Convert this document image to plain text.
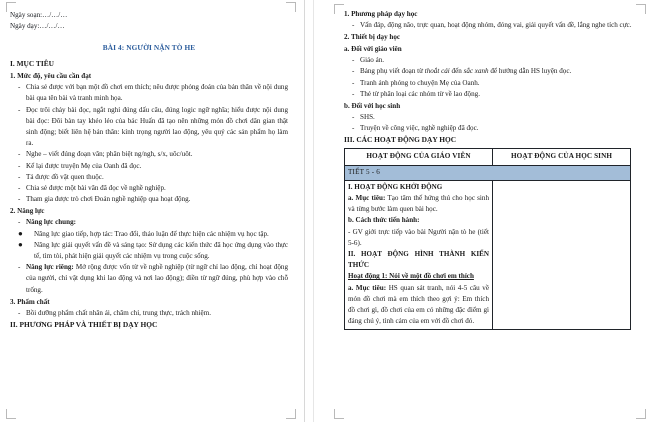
Ngày soạn:…/…/…

Ngày dạy:…/…/…

BÀI 4: NGƯỜI NẶN TÒ HE

I. MỤC TIÊU

1. Mức độ, yêu cầu cần đạt

- Chia sẻ được với bạn một đồ chơi em thích; nêu được phỏng đoán của bản thân về nội dung bài qua tên bài và tranh minh họa.

- Đọc trôi chảy bài đọc, ngắt nghỉ đúng dấu câu, đúng logic ngữ nghĩa; hiểu được nội dung bài đọc: Đôi bàn tay khéo léo của bác Huấn đã tạo nên những món đồ chơi dân gian thật sinh động; biết liên hệ bản thân: kính trọng người lao động, yêu quý các sản phẩm họ làm ra.

- Nghe – viết đúng đoạn văn; phân biệt ng/ngh, s/x, uôc/uôt.

- Kể lại được truyện Mẹ của Oanh đã đọc.

- Tả được đồ vật quen thuộc.

- Chia sẻ được một bài văn đã đọc về nghề nghiệp.

- Tham gia được trò chơi Đoán nghề nghiệp qua hoạt động.

2. Năng lực

- Năng lực chung:

● Năng lực giao tiếp, hợp tác: Trao đổi, thảo luận để thực hiện các nhiệm vụ học tập.

● Năng lực giải quyết vấn đề và sáng tạo: Sử dụng các kiến thức đã học ứng dụng vào thực tế, tìm tòi, phát hiện giải quyết các nhiệm vụ trong cuộc sống.

- Năng lực riêng: Mở rộng được vốn từ về nghề nghiệp (từ ngữ chỉ lao động, chỉ hoạt động của người, chỉ vật dụng khi lao động và nơi lao động); điền từ ngữ đúng, phù hợp vào chỗ trống.

3. Phẩm chất

- Bồi dưỡng phẩm chất nhân ái, chăm chỉ, trung thực, trách nhiệm.

II. PHƯƠNG PHÁP VÀ THIẾT BỊ DẠY HỌC

1. Phương pháp dạy học

- Vấn đáp, động não, trực quan, hoạt động nhóm, đóng vai, giải quyết vấn đề, lắng nghe tích cực.

2. Thiết bị dạy học

a. Đối với giáo viên

- Giáo án.

- Bảng phụ viết đoạn từ thoắt cái đến sắc xanh để hướng dẫn HS luyện đọc.

- Tranh ảnh phóng to chuyện Mẹ của Oanh.

- Thẻ từ phân loại các nhóm từ về lao động.

b. Đối với học sinh

- SHS.

- Truyện về công việc, nghề nghiệp đã đọc.

III. CÁC HOẠT ĐỘNG DẠY HỌC

HOẠT ĐỘNG CỦA GIÁO VIÊN	HOẠT ĐỘNG CỦA HỌC SINH
TIẾT 5 - 6	

I. HOẠT ĐỘNG KHỞI ĐỘNG

a. Mục tiêu: Tạo tâm thế hứng thú cho học sinh và từng bước làm quen bài học.

b. Cách thức tiến hành:

- GV giới trực tiếp vào bài Người nặn tò he (tiết 5-6).

II. HOẠT ĐỘNG HÌNH THÀNH KIẾN THỨC

Hoạt động 1: Nói về một đồ chơi em thích

a. Mục tiêu: HS quan sát tranh, nói 4-5 câu về món đồ chơi mà em thích theo gợi ý: Em thích đồ chơi gì, đồ chơi của em có những đặc điểm gì đáng chú ý, tình cảm của em với đồ chơi đó.
